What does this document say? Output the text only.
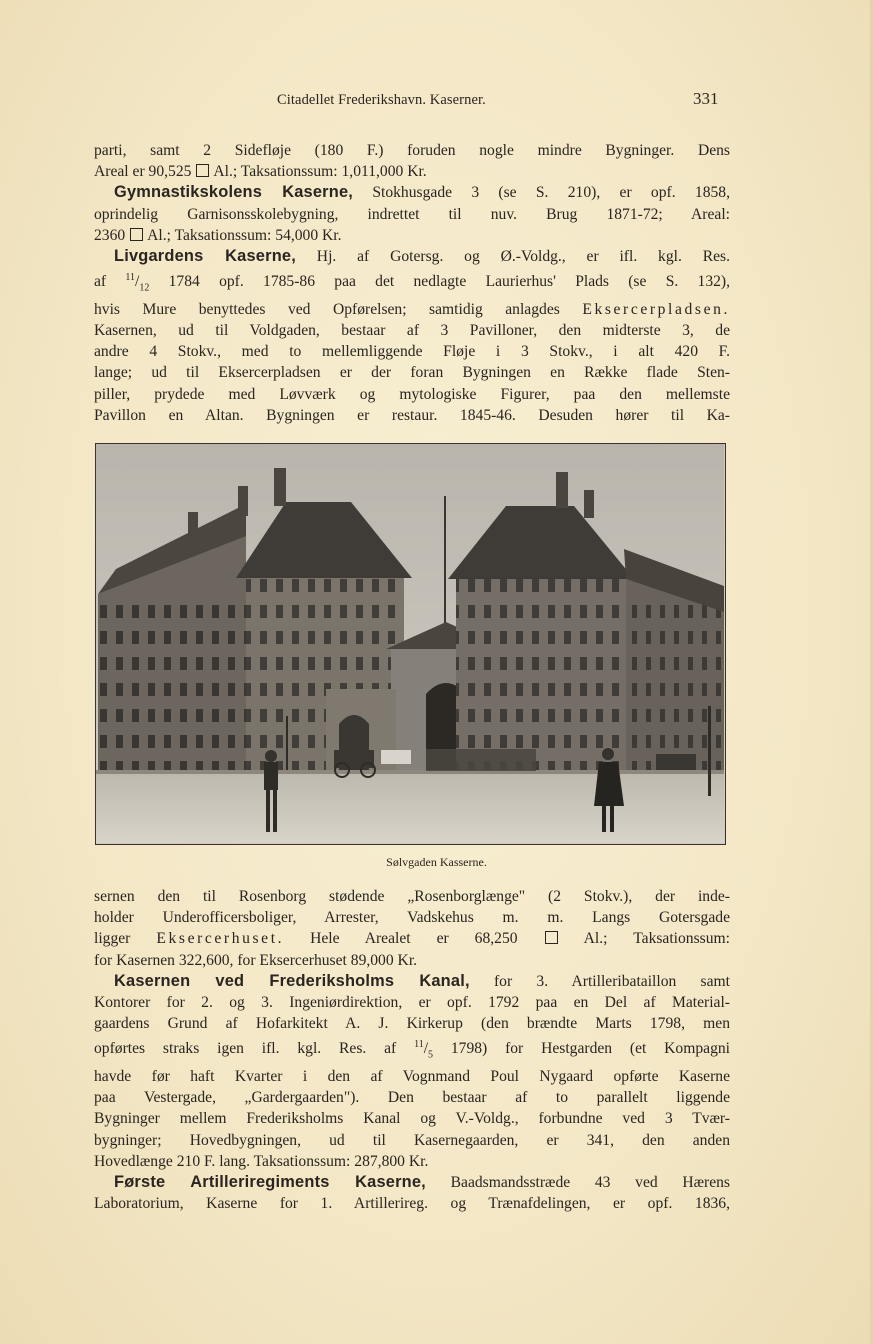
Citadellet Frederikshavn. Kaserner.	331
parti, samt 2 Sidefløje (180 F.) foruden nogle mindre Bygninger. Dens
Areal er 90,525  Al.; Taksationssum: 1,011,000 Kr.
Gymnastikskolens Kaserne, Stokhusgade 3 (se S. 210), er opf. 1858,
oprindelig Garnisonsskolebygning, indrettet til nuv. Brug 1871-72; Areal:
2360  Al.; Taksationssum: 54,000 Kr.
Livgardens Kaserne, Hj. af Gotersg. og Ø.-Voldg., er ifl. kgl. Res.
af $^{11}/_{12}$ 1784 opf. 1785-86 paa det nedlagte Laurierhus' Plads (se S. 132),
hvis Mure benyttedes ved Opførelsen; samtidig anlagdes Eksercerpladsen.
Kasernen, ud til Voldgaden, bestaar af 3 Pavilloner, den midterste 3, de
andre 4 Stokv., med to mellemliggende Fløje i 3 Stokv., i alt 420 F.
lange; ud til Eksercerpladsen er der foran Bygningen en Række flade Sten-
piller, prydede med Løvværk og mytologiske Figurer, paa den mellemste
Pavillon en Altan. Bygningen er restaur. 1845-46. Desuden hører til Ka-
Sølvgaden Kasserne.
sernen den til Rosenborg stødende „Rosenborglænge" (2 Stokv.), der inde-
holder Underofficersboliger, Arrester, Vadskehus m. m. Langs Gotersgade
ligger Eksercerhuset. Hele Arealet er 68,250  Al.; Taksationssum:
for Kasernen 322,600, for Eksercerhuset 89,000 Kr.
Kasernen ved Frederiksholms Kanal, for 3. Artilleribataillon samt
Kontorer for 2. og 3. Ingeniørdirektion, er opf. 1792 paa en Del af Material-
gaardens Grund af Hofarkitekt A. J. Kirkerup (den brændte Marts 1798, men
opførtes straks igen ifl. kgl. Res. af $^{11}/_5$ 1798) for Hestgarden (et Kompagni
havde før haft Kvarter i den af Vognmand Poul Nygaard opførte Kaserne
paa Vestergade, „Gardergaarden"). Den bestaar af to parallelt liggende
Bygninger mellem Frederiksholms Kanal og V.-Voldg., forbundne ved 3 Tvær-
bygninger; Hovedbygningen, ud til Kasernegaarden, er 341, den anden
Hovedlænge 210 F. lang. Taksationssum: 287,800 Kr.
Første Artilleriregiments Kaserne, Baadsmandsstræde 43 ved Hærens
Laboratorium, Kaserne for 1. Artillerireg. og Trænafdelingen, er opf. 1836,
